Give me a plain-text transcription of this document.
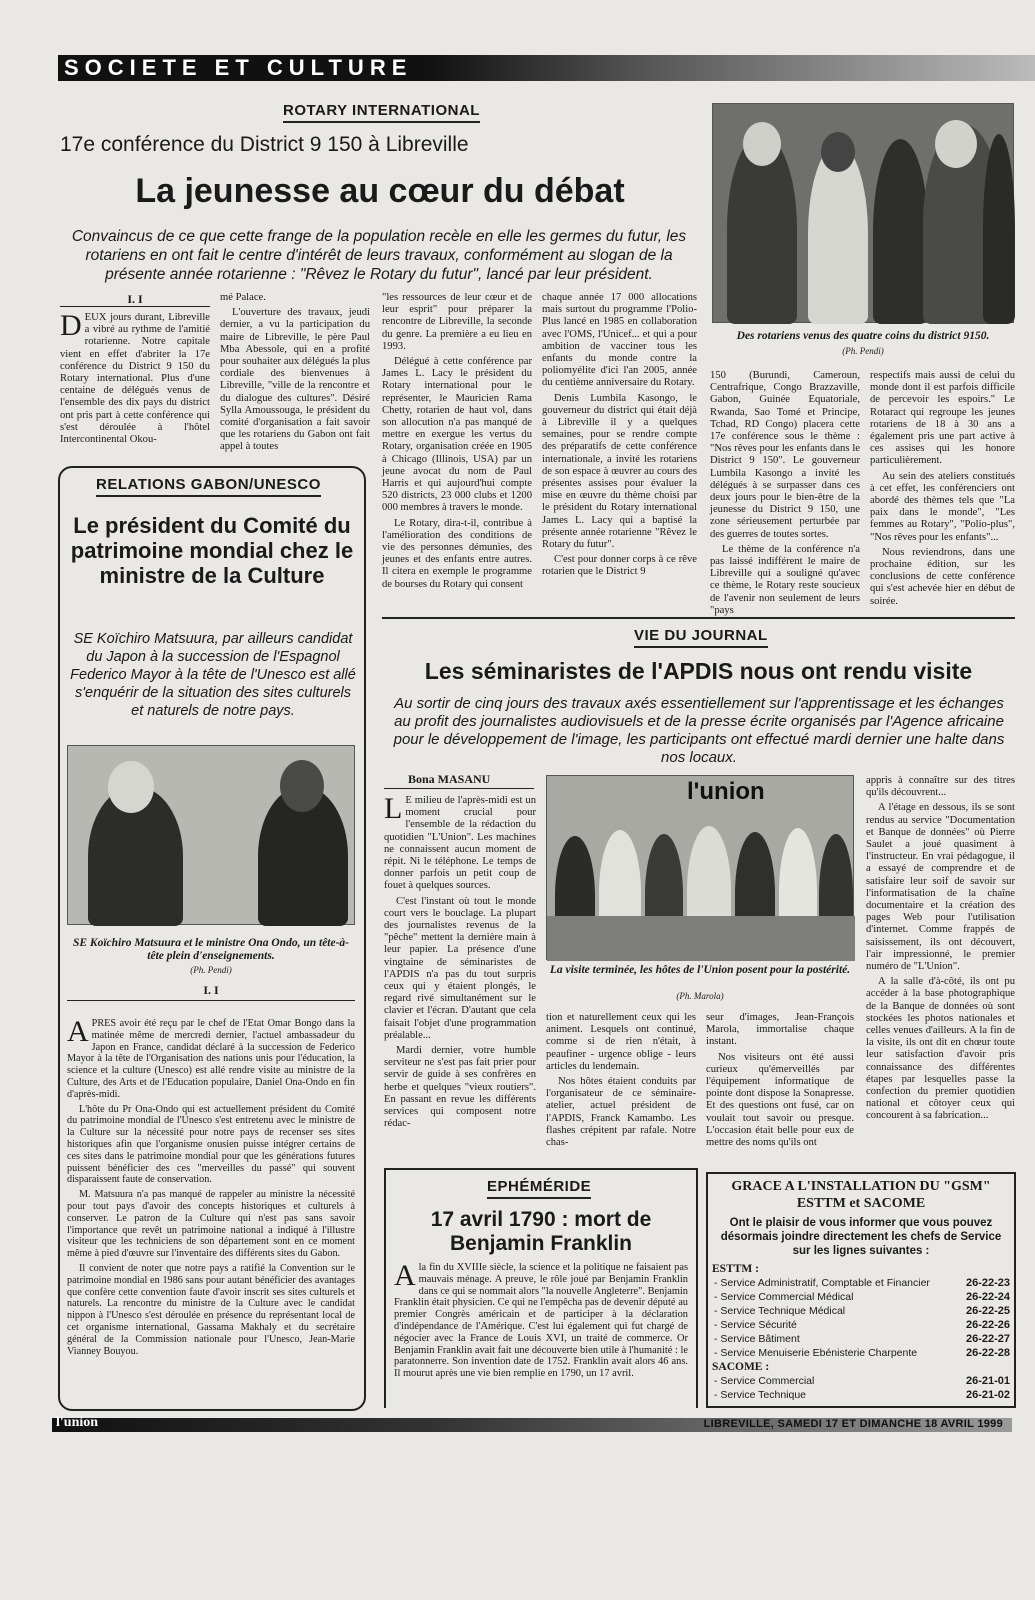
SOCIETE ET CULTURE
ROTARY INTERNATIONAL
17e conférence du District 9 150 à Libreville
La jeunesse au cœur du débat
Convaincus de ce que cette frange de la population recèle en elle les germes du futur, les rotariens en ont fait le centre d'intérêt de leurs travaux, conformément au slogan de la présente année rotarienne : "Rêvez le Rotary du futur", lancé par leur président.
Des rotariens venus des quatre coins du district 9150.
(Ph. Pendi)
I. I

DEUX jours durant, Libreville a vibré au rythme de l'amitié rotarienne. Notre capitale vient en effet d'abriter la 17e conférence du District 9 150 du Rotary international. Plus d'une centaine de délégués venus de l'ensemble des dix pays du district ont pris part à cette conférence qui s'est déroulée à l'hôtel Intercontinental Okou-

mé Palace.

L'ouverture des travaux, jeudi dernier, a vu la participation du maire de Libreville, le père Paul Mba Abessole, qui en a profité pour souhaiter aux délégués la plus cordiale des bienvenues à Libreville, "ville de la rencontre et du dialogue des cultures". Désiré Sylla Amoussouga, le président du comité d'organisation a fait savoir que les rotariens du Gabon ont fait appel à toutes

"les ressources de leur cœur et de leur esprit" pour préparer la rencontre de Libreville, la seconde du genre. La première a eu lieu en 1993.

Délégué à cette conférence par James L. Lacy le président du Rotary international pour le représenter, le Mauricien Rama Chetty, rotarien de haut vol, dans son allocution n'a pas manqué de mettre en exergue les vertus du Rotary, organisation créée en 1905 à Chicago (Illinois, USA) par un jeune avocat du nom de Paul Harris et qui aujourd'hui compte 520 districts, 23 000 clubs et 1200 000 membres à travers le monde.

Le Rotary, dira-t-il, contribue à l'amélioration des conditions de vie des personnes démunies, des jeunes et des enfants entre autres. Il citera en exemple le programme de bourses du Rotary qui consent

chaque année 17 000 allocations mais surtout du programme l'Polio-Plus lancé en 1985 en collaboration avec l'OMS, l'Unicef... et qui a pour ambition de vacciner tous les enfants du monde contre la poliomyélite d'ici l'an 2005, année du centième anniversaire du Rotary.

Denis Lumbila Kasongo, le gouverneur du district qui était déjà à Libreville il y a quelques semaines, pour se rendre compte des préparatifs de cette conférence internationale, a invité les rotariens de son espace à œuvrer au cours des présentes assises pour évaluer la mise en œuvre du thème choisi par le président du Rotary international James L. Lacy qui a baptisé la présente année rotarienne "Rêvez le Rotary du futur".

C'est pour donner corps à ce rêve rotarien que le District 9

150 (Burundi, Cameroun, Centrafrique, Congo Brazzaville, Gabon, Guinée Equatoriale, Rwanda, Sao Tomé et Principe, Tchad, RD Congo) placera cette 17e conférence sous le thème : "Nos rêves pour les enfants dans le District 9 150". Le gouverneur Lumbila Kasongo a invité les délégués à se surpasser dans ces deux jours pour le bien-être de la jeunesse du District 9 150, une zone sérieusement perturbée par des guerres de toutes sortes.

Le thème de la conférence n'a pas laissé indifférent le maire de Libreville qui a souligné qu'avec ce thème, le Rotary reste soucieux de l'avenir non seulement de leurs "pays

respectifs mais aussi de celui du monde dont il est parfois difficile de percevoir les espoirs." Le Rotaract qui regroupe les jeunes rotariens de 18 à 30 ans a également pris une part active à ces assises qui les honore particulièrement.

Au sein des ateliers constitués à cet effet, les conférenciers ont abordé des thèmes tels que "La paix dans le monde", "Les femmes au Rotary", "Polio-plus", "Nos rêves pour les enfants"...

Nous reviendrons, dans une prochaine édition, sur les conclusions de cette conférence qui s'est achevée hier en début de soirée.

RELATIONS GABON/UNESCO
Le président du Comité du patrimoine mondial chez le ministre de la Culture
SE Koïchiro Matsuura, par ailleurs candidat du Japon à la succession de l'Espagnol Federico Mayor à la tête de l'Unesco est allé s'enquérir de la situation des sites culturels et naturels de notre pays.
SE Koïchiro Matsuura et le ministre Ona Ondo, un tête-à-tête plein d'enseignements.
(Ph. Pendi)
I. I

APRES avoir été reçu par le chef de l'Etat Omar Bongo dans la matinée même de mercredi dernier, l'actuel ambassadeur du Japon en France, candidat déclaré à la succession de Federico Mayor à la tête de l'Organisation des nations unis pour l'éducation, la science et la culture (Unesco) est allé rendre visite au ministre de la Culture, des Arts et de l'Education populaire, Daniel Ona-Ondo en fin d'après-midi.

L'hôte du Pr Ona-Ondo qui est actuellement président du Comité du patrimoine mondial de l'Unesco s'est entretenu avec le ministre de la Culture sur la nécessité pour notre pays de recenser ses sites historiques afin que l'organisme onusien puisse intégrer certains de ces sites dans le patrimoine mondial pour que les générations futures puissent bénéficier des ces "merveilles du passé" qui souvent disparaissent faute de conservation.

M. Matsuura n'a pas manqué de rappeler au ministre la nécessité pour tout pays d'avoir des concepts historiques et culturels à conserver. Le patron de la Culture qui n'est pas sans savoir l'importance que revêt un patrimoine national a indiqué à l'illustre visiteur que les techniciens de son département sont en ce moment même à pied d'œuvre sur l'inventaire des différents sites du Gabon.

Il convient de noter que notre pays a ratifié la Convention sur le patrimoine mondial en 1986 sans pour autant bénéficier des avantages que confère cette convention faute d'avoir inscrit ses sites culturels et naturels. La rencontre du ministre de la Culture avec le candidat nippon à l'Unesco s'est déroulée en présence du représentant local de cet organisme international, Gassama Makhaly et du secrétaire général de la Commission nationale pour l'Unesco, Jean-Marie Vianney Bouyou.

VIE DU JOURNAL
Les séminaristes de l'APDIS nous ont rendu visite
Au sortir de cinq jours des travaux axés essentiellement sur l'apprentissage et les échanges au profit des journalistes audiovisuels et de la presse écrite organisés par l'Agence africaine pour le développement de l'image, les participants ont effectué mardi dernier une halte dans nos locaux.
Bona MASANU

L E milieu de l'après-midi est un moment crucial pour l'ensemble de la rédaction du quotidien "L'Union". Les machines ne connaissent aucun moment de répit. Ni le téléphone. Le temps de donner parfois un petit coup de fouet à quelques sources.

C'est l'instant où tout le monde court vers le bouclage. La plupart des journalistes revenus de la "pêche" mettent la dernière main à leur papier. La présence d'une vingtaine de séminaristes de l'APDIS n'a pas du tout surpris ceux qui y étaient plongés, le regard rivé simultanément sur le clavier et l'écran. D'autant que cela faisait l'objet d'une programmation préalable...

Mardi dernier, votre humble serviteur ne s'est pas fait prier pour servir de guide à ses confrères en herbe et quelques "vieux routiers". En passant en revue les différents services qui composent notre rédac-

l'union
La visite terminée, les hôtes de l'Union posent pour la postérité.
(Ph. Marola)

tion et naturellement ceux qui les animent. Lesquels ont continué, comme si de rien n'était, à peaufiner - urgence oblige - leurs articles du lendemain.

Nos hôtes étaient conduits par l'organisateur de ce séminaire-atelier, actuel président de l'APDIS, Franck Kamambo. Les flashes crépitent par rafale. Notre chas-

seur d'images, Jean-François Marola, immortalise chaque instant.

Nos visiteurs ont été aussi curieux qu'émerveillés par l'équipement informatique de pointe dont dispose la Sonapresse. Et des questions ont fusé, car on voulait tout savoir ou presque. L'occasion était belle pour eux de mettre des noms qu'ils ont

appris à connaître sur des titres qu'ils découvrent...

A l'étage en dessous, ils se sont rendus au service "Documentation et Banque de données" où Pierre Saulet a joué quasiment à l'instructeur. En vrai pédagogue, il a essayé de comprendre et de satisfaire leur soif de savoir sur l'informatisation de la chaîne documentaire et la création des pages Web pour l'utilisation d'internet. Comme frappés de saisissement, ils ont découvert, l'air impressionné, le premier numéro de "L'Union".

A la salle d'à-côté, ils ont pu accéder à la base photographique de la Banque de données où sont stockées les photos nationales et celles venues d'ailleurs. A la fin de la visite, ils ont dit en chœur toute leur satisfaction d'avoir pris connaissance des différentes étapes par lesquelles passe la confection du premier quotidien national et côtoyer ceux qui concourent à sa fabrication...

EPHÉMÉRIDE
17 avril 1790 : mort de Benjamin Franklin

Ala fin du XVIIIe siècle, la science et la politique ne faisaient pas mauvais ménage. A preuve, le rôle joué par Benjamin Franklin dans ce qui se nommait alors "la nouvelle Angleterre". Benjamin Franklin était physicien. Ce qui ne l'empêcha pas de devenir député au premier Congrès américain et de participer à la déclaration d'indépendance de l'Amérique. C'est lui également qui fut chargé de négocier avec la France de Louis XVI, un traité de commerce. Or Benjamin Franklin avait fait une découverte bien utile à l'humanité : le paratonnerre. Son invention date de 1752. Franklin avait alors 46 ans. Il mourut après une vie bien remplie en 1790, un 17 avril.

GRACE A L'INSTALLATION DU "GSM" ESTTM et SACOME
Ont le plaisir de vous informer que vous pouvez désormais joindre directement les chefs de Service sur les lignes suivantes :
ESTTM :
- Service Administratif, Comptable et Financier	26-22-23
- Service Commercial Médical	26-22-24
- Service Technique Médical	26-22-25
- Service Sécurité	26-22-26
- Service Bâtiment	26-22-27
- Service Menuiserie Ebénisterie Charpente	26-22-28
SACOME :
- Service Commercial	26-21-01
- Service Technique	26-21-02
l'union	LIBREVILLE, SAMEDI 17 ET DIMANCHE 18 AVRIL 1999
